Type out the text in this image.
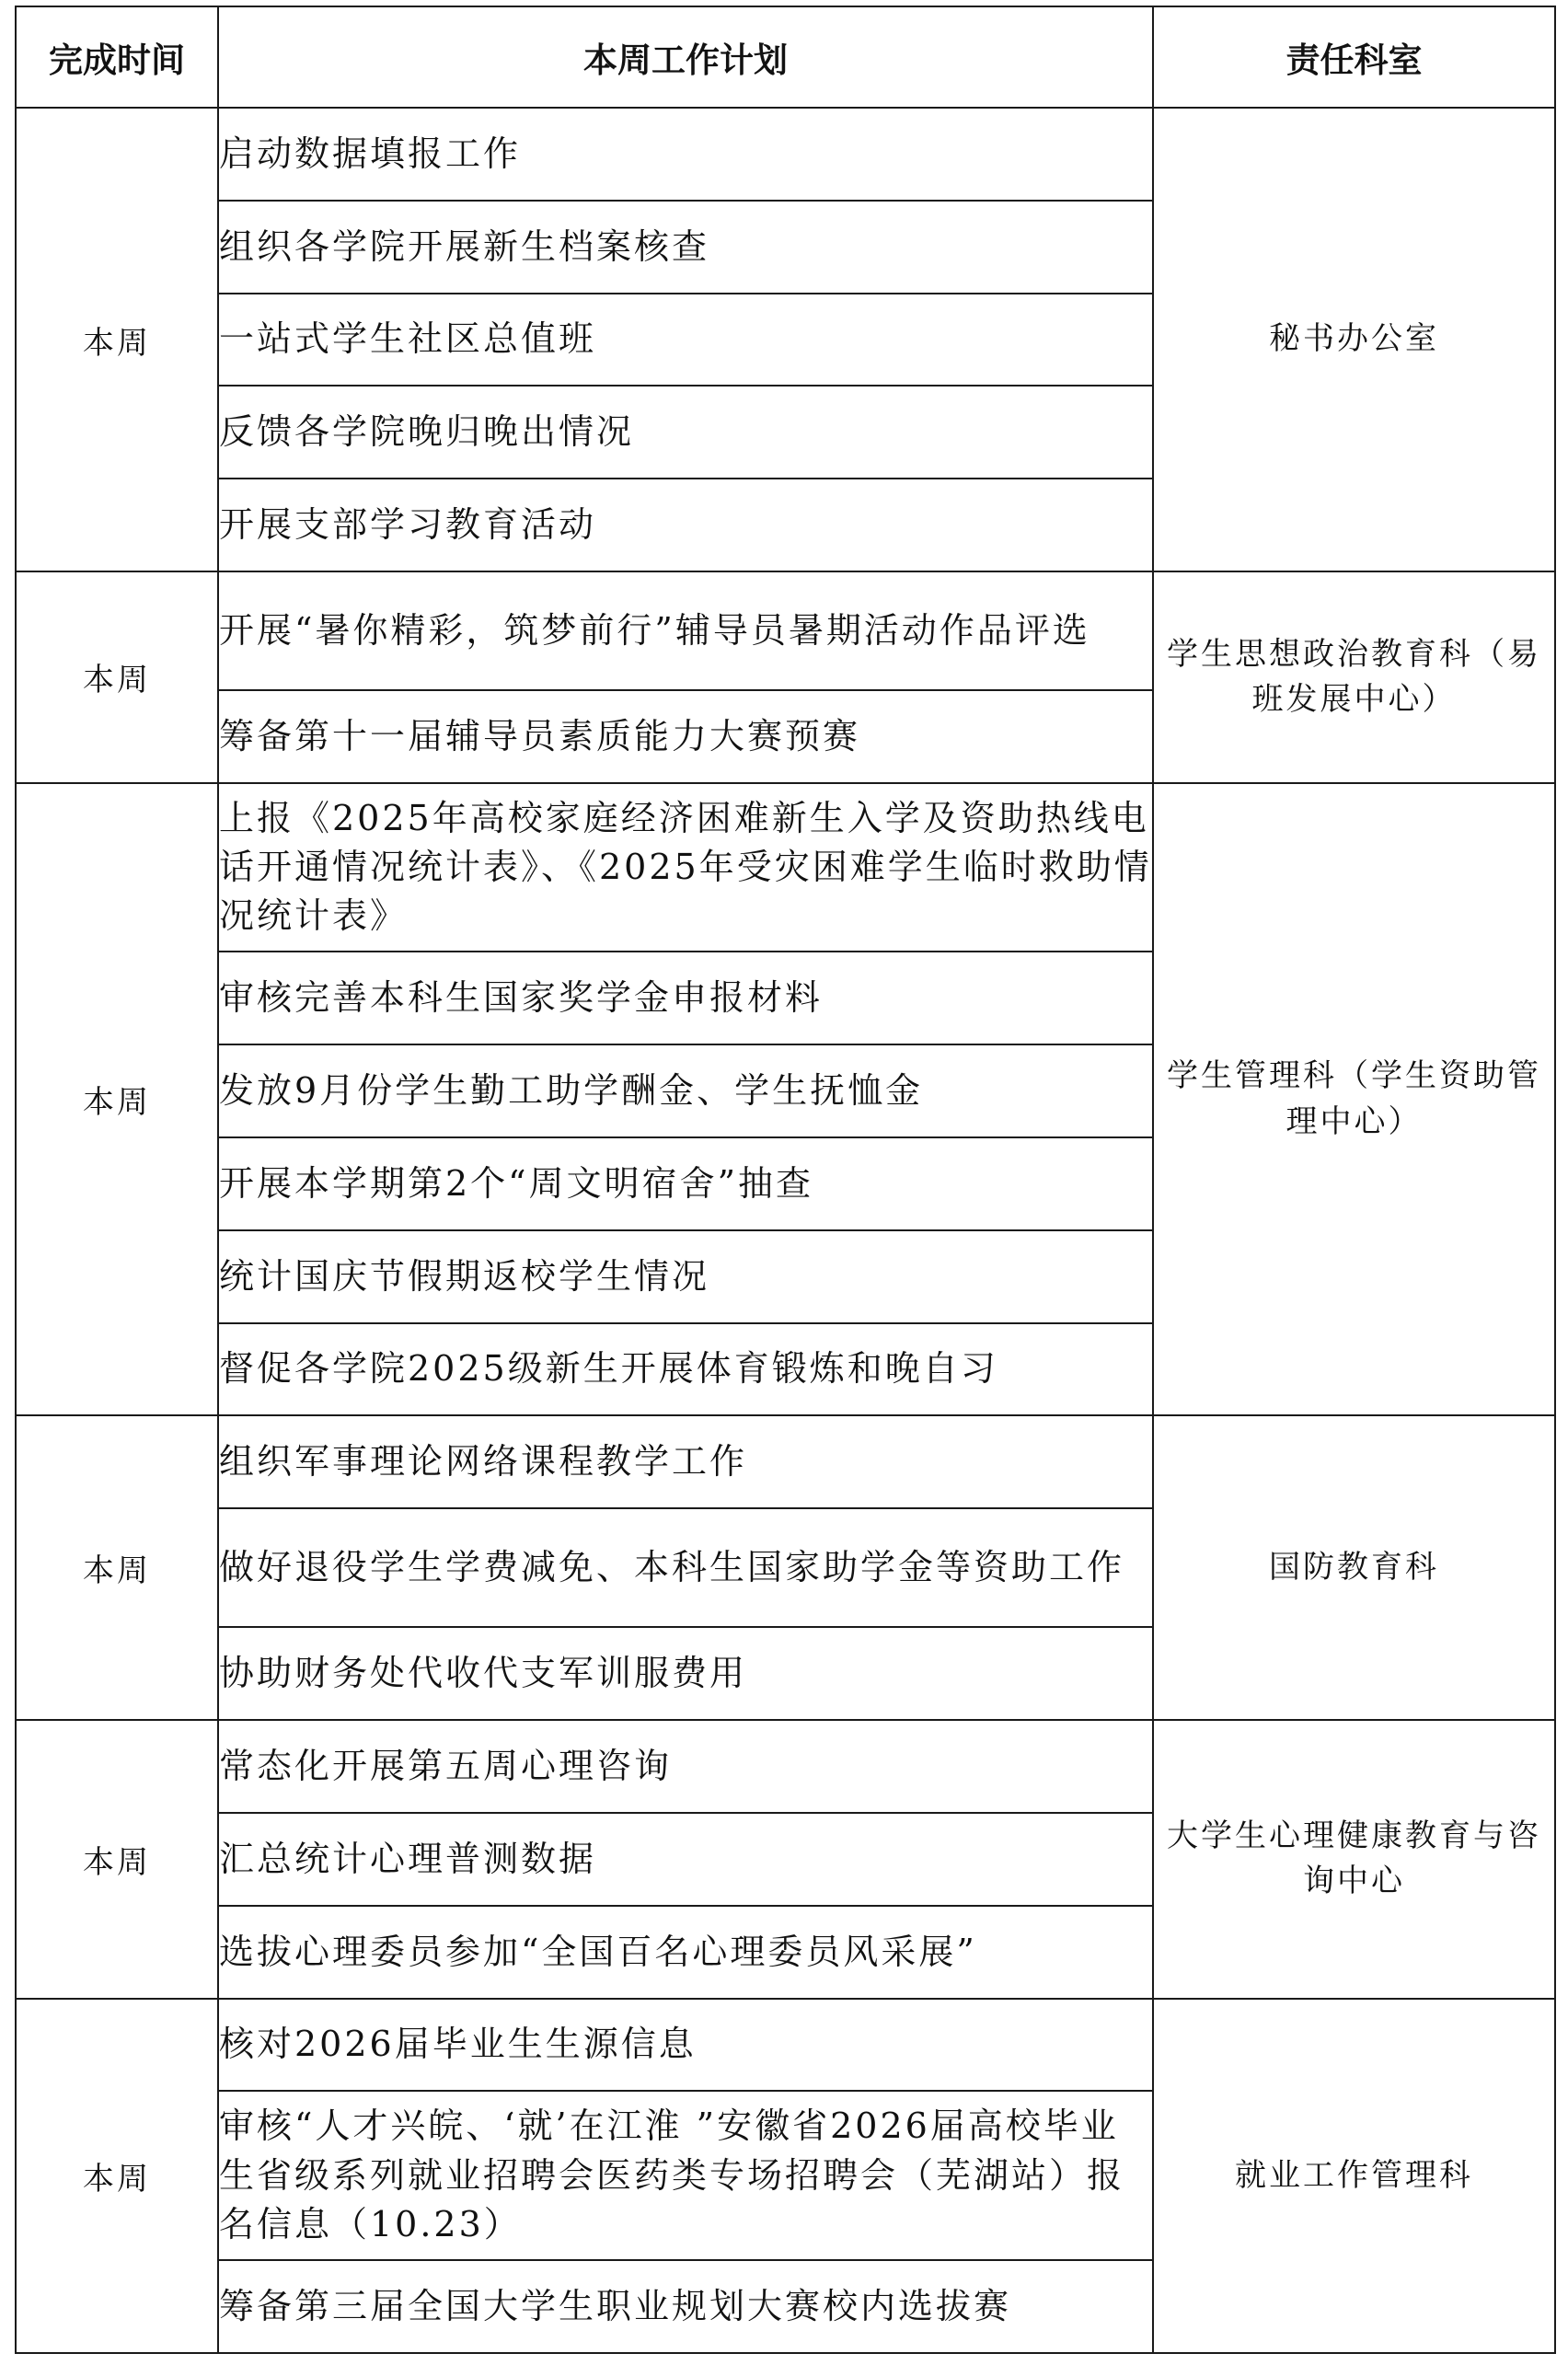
完成时间	本周工作计划	责任科室
本周	启动数据填报工作	秘书办公室
	组织各学院开展新生档案核查	
	一站式学生社区总值班	
	反馈各学院晚归晚出情况	
	开展支部学习教育活动	
本周	开展“暑你精彩，筑梦前行”辅导员暑期活动作品评选	学生思想政治教育科（易班发展中心）
	筹备第十一届辅导员素质能力大赛预赛	
本周	上报《2025年高校家庭经济困难新生入学及资助热线电话开通情况统计表》、《2025年受灾困难学生临时救助情况统计表》	学生管理科（学生资助管理中心）
	审核完善本科生国家奖学金申报材料	
	发放9月份学生勤工助学酬金、学生抚恤金	
	开展本学期第2个“周文明宿舍”抽查	
	统计国庆节假期返校学生情况	
	督促各学院2025级新生开展体育锻炼和晚自习	
本周	组织军事理论网络课程教学工作	国防教育科
	做好退役学生学费减免、本科生国家助学金等资助工作	
	协助财务处代收代支军训服费用	
本周	常态化开展第五周心理咨询	大学生心理健康教育与咨询中心
	汇总统计心理普测数据	
	选拔心理委员参加“全国百名心理委员风采展”	
本周	核对2026届毕业生生源信息	就业工作管理科
	审核“人才兴皖、‘就’在江淮 ”安徽省2026届高校毕业生省级系列就业招聘会医药类专场招聘会（芜湖站）报名信息（10.23）	
	筹备第三届全国大学生职业规划大赛校内选拔赛	
